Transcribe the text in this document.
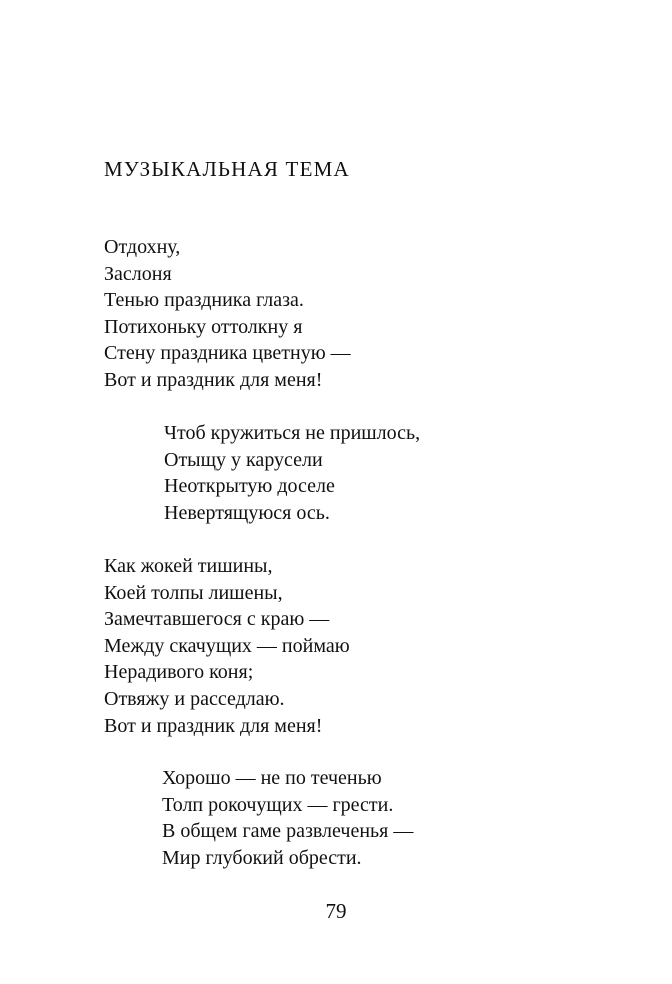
МУЗЫКАЛЬНАЯ ТЕМА
Отдохну,
Заслоня
Тенью праздника глаза.
Потихоньку оттолкну я
Стену праздника цветную —
Вот и праздник для меня!
Чтоб кружиться не пришлось,
Отыщу у карусели
Неоткрытую доселе
Невертящуюся ось.
Как жокей тишины,
Коей толпы лишены,
Замечтавшегося с краю —
Между скачущих — поймаю
Нерадивого коня;
Отвяжу и расседлаю.
Вот и праздник для меня!
Хорошо — не по теченью
Толп рокочущих — грести.
В общем гаме развлеченья —
Мир глубокий обрести.
79
